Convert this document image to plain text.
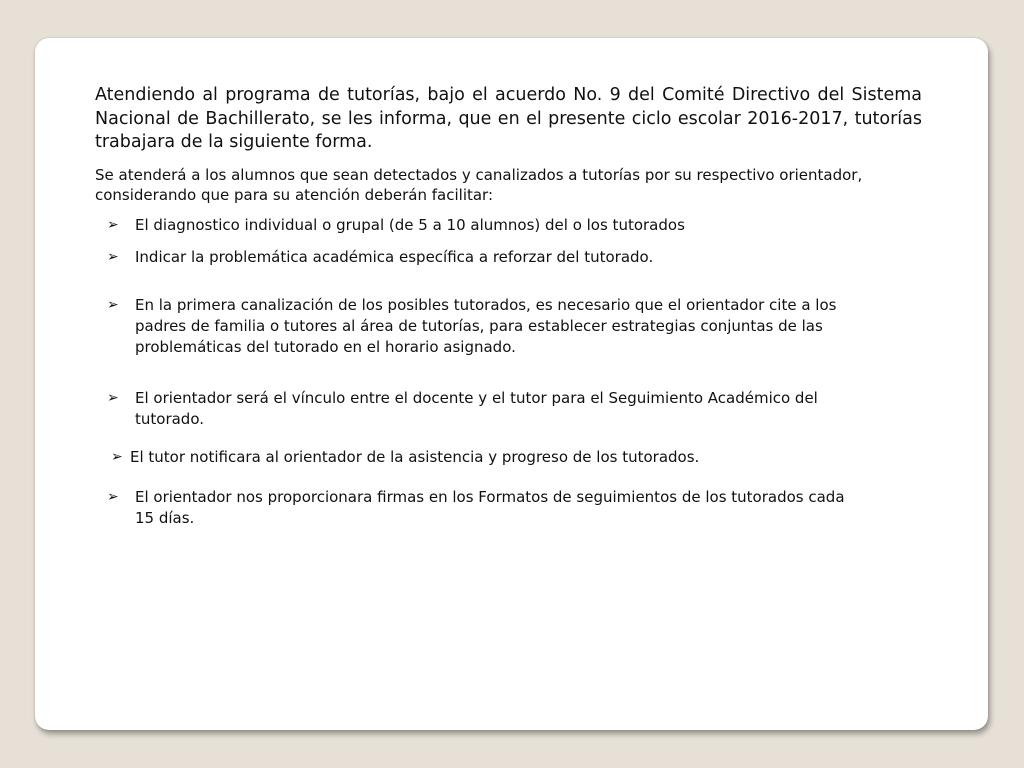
Atendiendo al programa de tutorías, bajo el acuerdo No. 9 del Comité Directivo del Sistema Nacional de Bachillerato, se les informa, que en el presente ciclo escolar 2016-2017, tutorías trabajara de la siguiente forma.

Se atenderá a los alumnos que sean detectados y canalizados a tutorías por su respectivo orientador, considerando que para su atención deberán facilitar:

➢	El diagnostico individual o grupal (de 5 a 10 alumnos) del o los tutorados
➢	Indicar la problemática académica específica a reforzar del tutorado.
➢	En la primera canalización de los posibles tutorados, es necesario que el orientador cite a los padres de familia o tutores al área de tutorías, para establecer estrategias conjuntas de las problemáticas del tutorado en el horario asignado.
➢	El orientador será el vínculo entre el docente y el tutor para el Seguimiento Académico del tutorado.
➢ El tutor notificara al orientador de la asistencia y progreso de los tutorados.
➢	El orientador nos proporcionara firmas en los Formatos de seguimientos de los tutorados cada 15 días.
